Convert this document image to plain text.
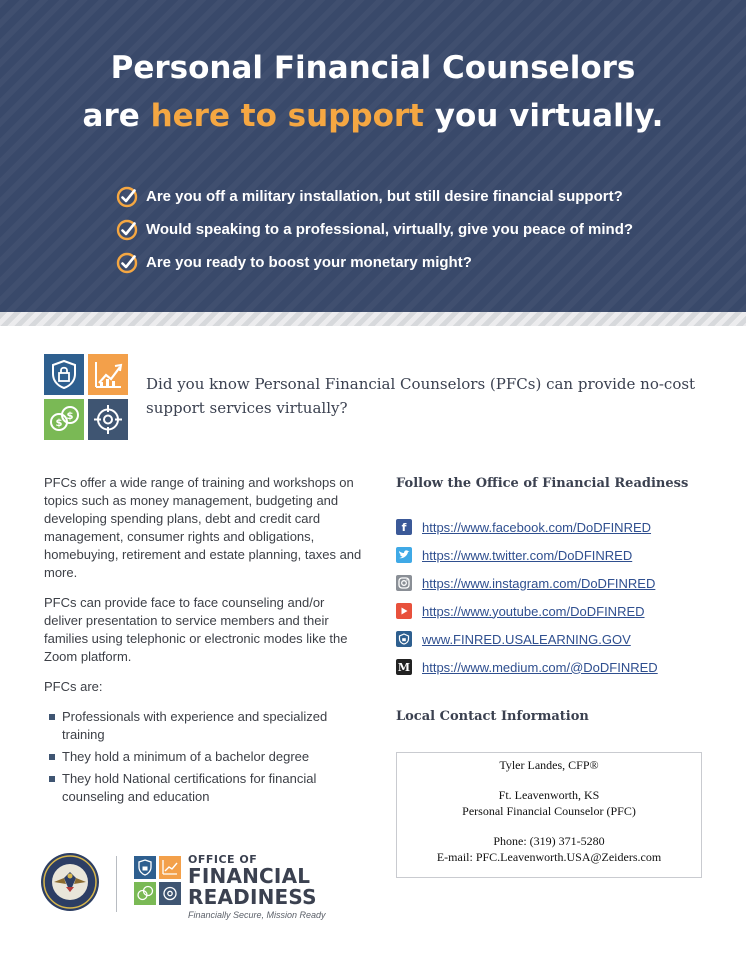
Personal Financial Counselors
are here to support you virtually.
Are you off a military installation, but still desire financial support?
Would speaking to a professional, virtually, give you peace of mind?
Are you ready to boost your monetary might?
$
$
Did you know Personal Financial Counselors (PFCs) can provide no-cost support services virtually?

PFCs offer a wide range of training and workshops on topics such as money management, budgeting and developing spending plans, debt and credit card management, consumer rights and obligations, homebuying, retirement and estate planning, taxes and more.

PFCs can provide face to face counseling and/or deliver presentation to service members and their families using telephonic or electronic modes like the Zoom platform.

PFCs are:
Professionals with experience and specialized training
They hold a minimum of a bachelor degree
They hold National certifications for financial counseling and education
Follow the Office of Financial Readiness
f	https://www.facebook.com/DoDFINRED
https://www.twitter.com/DoDFINRED
https://www.instagram.com/DoDFINRED
https://www.youtube.com/DoDFINRED
www.FINRED.USALEARNING.GOV
M https://www.medium.com/@DoDFINRED
Local Contact Information
Tyler Landes, CFP®
Ft. Leavenworth, KS
Personal Financial Counselor (PFC)
Phone: (319) 371-5280
E-mail: PFC.Leavenworth.USA@Zeiders.com
OFFICE OF
FINANCIAL
READINESS
Financially Secure, Mission Ready
